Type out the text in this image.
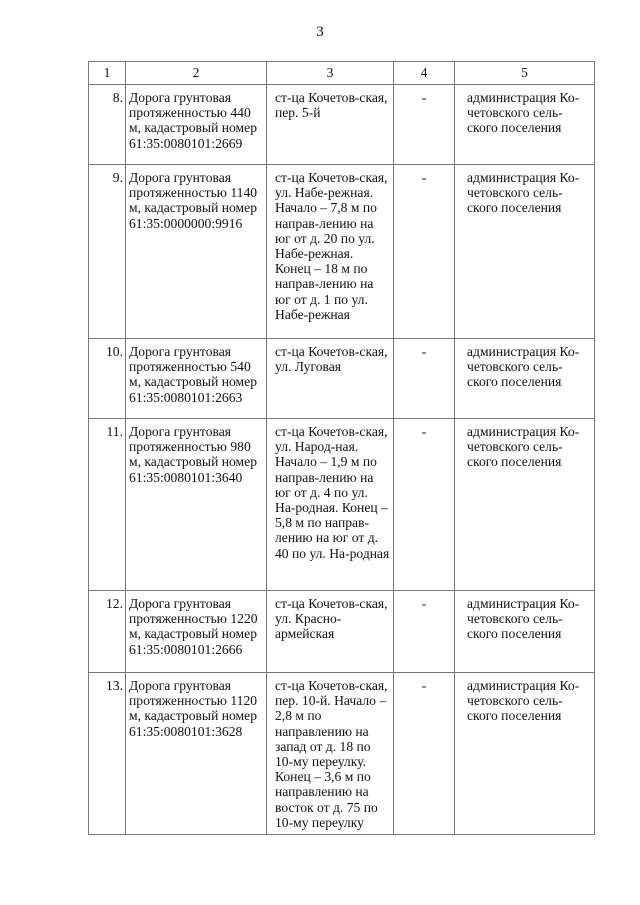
3
1	2	3	4	5
8.	Дорога грунтовая протяженностью 440 м, кадастровый номер 61:35:0080101:2669	ст-ца Кочетов-ская, пер. 5-й	-	администрация Ко-четовского сель-ского поселения
9.	Дорога грунтовая протяженностью 1140 м, кадастровый номер 61:35:0000000:9916	ст-ца Кочетов-ская, ул. Набе-режная. Начало – 7,8 м по направ-лению на юг от д. 20 по ул. Набе-режная. Конец – 18 м по направ-лению на юг от д. 1 по ул. Набе-режная	-	администрация Ко-четовского сель-ского поселения
10.	Дорога грунтовая протяженностью 540 м, кадастровый номер 61:35:0080101:2663	ст-ца Кочетов-ская, ул. Луговая	-	администрация Ко-четовского сель-ского поселения
11.	Дорога грунтовая протяженностью 980 м, кадастровый номер 61:35:0080101:3640	ст-ца Кочетов-ская, ул. Народ-ная. Начало – 1,9 м по направ-лению на юг от д. 4 по ул. На-родная. Конец – 5,8 м по направ-лению на юг от д. 40 по ул. На-родная	-	администрация Ко-четовского сель-ского поселения
12.	Дорога грунтовая протяженностью 1220 м, кадастровый номер 61:35:0080101:2666	ст-ца Кочетов-ская, ул. Красно-армейская	-	администрация Ко-четовского сель-ского поселения
13.	Дорога грунтовая протяженностью 1120 м, кадастровый номер 61:35:0080101:3628	ст-ца Кочетов-ская, пер. 10-й. Начало – 2,8 м по направлению на запад от д. 18 по 10-му переулку. Конец – 3,6 м по направлению на восток от д. 75 по 10-му переулку	-	администрация Ко-четовского сель-ского поселения
